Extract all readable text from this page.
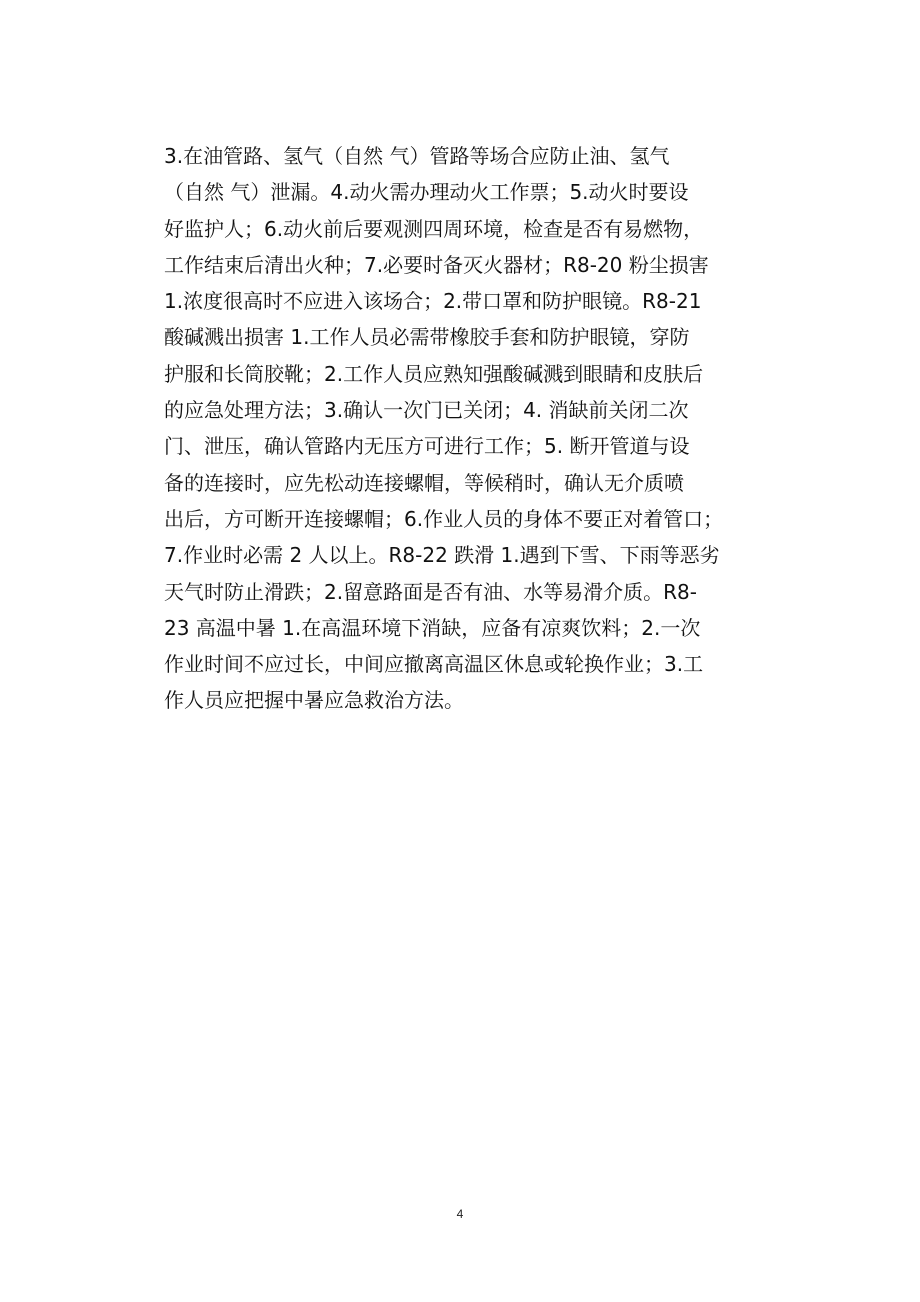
3.在油管路、氢气（自然 气）管路等场合应防止油、氢气
（自然 气）泄漏。4.动火需办理动火工作票；5.动火时要设
好监护人；6.动火前后要观测四周环境，检查是否有易燃物，
工作结束后清出火种；7.必要时备灭火器材；R8-20 粉尘损害
1.浓度很高时不应进入该场合；2.带口罩和防护眼镜。R8-21
酸碱溅出损害 1.工作人员必需带橡胶手套和防护眼镜，穿防
护服和长筒胶靴；2.工作人员应熟知强酸碱溅到眼睛和皮肤后
的应急处理方法；3.确认一次门已关闭；4. 消缺前关闭二次
门、泄压，确认管路内无压方可进行工作；5. 断开管道与设
备的连接时，应先松动连接螺帽，等候稍时，确认无介质喷
出后，方可断开连接螺帽；6.作业人员的身体不要正对着管口；
7.作业时必需 2 人以上。R8-22 跌滑 1.遇到下雪、下雨等恶劣
天气时防止滑跌；2.留意路面是否有油、水等易滑介质。R8-
23 高温中暑 1.在高温环境下消缺，应备有凉爽饮料；2.一次
作业时间不应过长，中间应撤离高温区休息或轮换作业；3.工
作人员应把握中暑应急救治方法。
4
